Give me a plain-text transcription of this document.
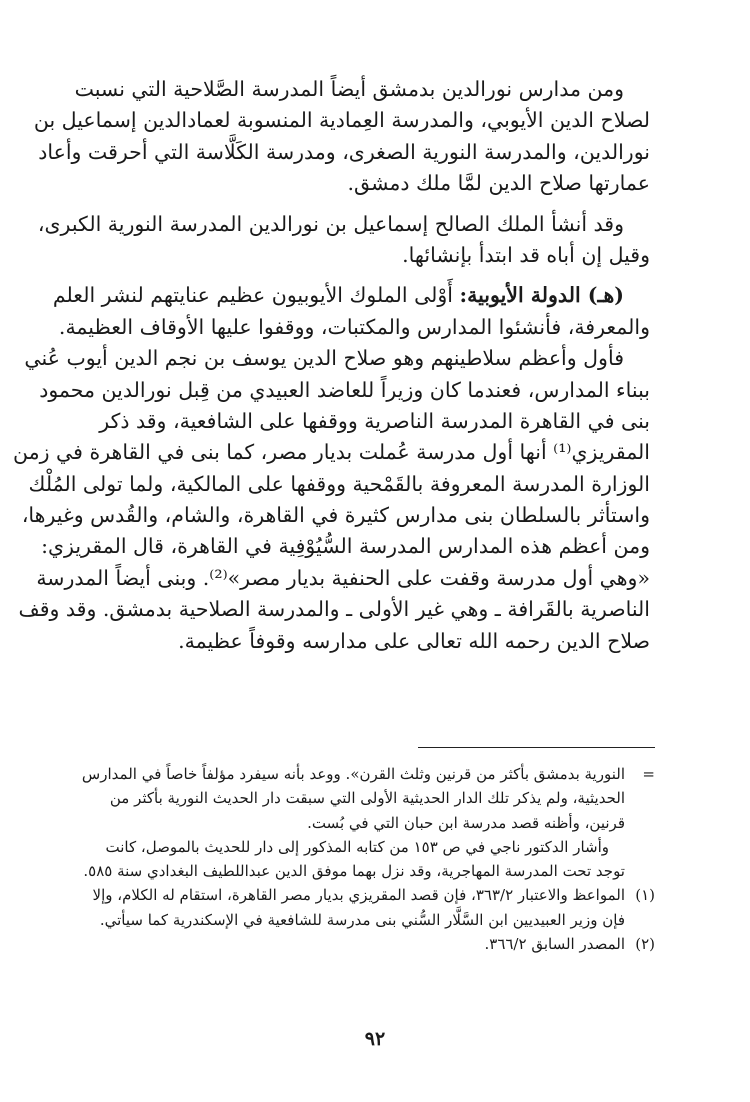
ومن مدارس نورالدين بدمشق أيضاً المدرسة الصَّلاحية التي نسبت
لصلاح الدين الأيوبي، والمدرسة العِمادية المنسوبة لعمادالدين إسماعيل بن
نورالدين، والمدرسة النورية الصغرى، ومدرسة الكَلَّاسة التي أحرقت وأعاد
عمارتها صلاح الدين لمَّا ملك دمشق.
وقد أنشأ الملك الصالح إسماعيل بن نورالدين المدرسة النورية الكبرى،
وقيل إن أباه قد ابتدأ بإنشائها.
(هـ) الدولة الأيوبية: أَوْلى الملوك الأيوبيون عظيم عنايتهم لنشر العلم
والمعرفة، فأنشئوا المدارس والمكتبات، ووقفوا عليها الأوقاف العظيمة.
فأول وأعظم سلاطينهم وهو صلاح الدين يوسف بن نجم الدين أيوب عُني
ببناء المدارس، فعندما كان وزيراً للعاضد العبيدي من قِبل نورالدين محمود
بنى في القاهرة المدرسة الناصرية ووقفها على الشافعية، وقد ذكر
المقريزي⁽¹⁾ أنها أول مدرسة عُملت بديار مصر، كما بنى في القاهرة في زمن
الوزارة المدرسة المعروفة بالقَمْحية ووقفها على المالكية، ولما تولى المُلْك
واستأثر بالسلطان بنى مدارس كثيرة في القاهرة، والشام، والقُدس وغيرها،
ومن أعظم هذه المدارس المدرسة السُّيُوْفِية في القاهرة، قال المقريزي:
«وهي أول مدرسة وقفت على الحنفية بديار مصر»⁽²⁾. وبنى أيضاً المدرسة
الناصرية بالقَرافة ـ وهي غير الأولى ـ والمدرسة الصلاحية بدمشق. وقد وقف
صلاح الدين رحمه الله تعالى على مدارسه وقوفاً عظيمة.
=النورية بدمشق بأكثر من قرنين وثلث القرن». ووعد بأنه سيفرد مؤلفاً خاصاً في المدارس
الحديثية، ولم يذكر تلك الدار الحديثية الأولى التي سبقت دار الحديث النورية بأكثر من
قرنين، وأظنه قصد مدرسة ابن حبان التي في بُست.
وأشار الدكتور ناجي في ص ١٥٣ من كتابه المذكور إلى دار للحديث بالموصل، كانت
توجد تحت المدرسة المهاجرية، وقد نزل بهما موفق الدين عبداللطيف البغدادي سنة ٥٨٥.
(١)المواعظ والاعتبار ٣٦٣/٢، فإن قصد المقريزي بديار مصر القاهرة، استقام له الكلام، وإلا
فإن وزير العبيديين ابن السَّلَّار السُّني بنى مدرسة للشافعية في الإسكندرية كما سيأتي.
(٢)المصدر السابق ٣٦٦/٢.
٩٢
